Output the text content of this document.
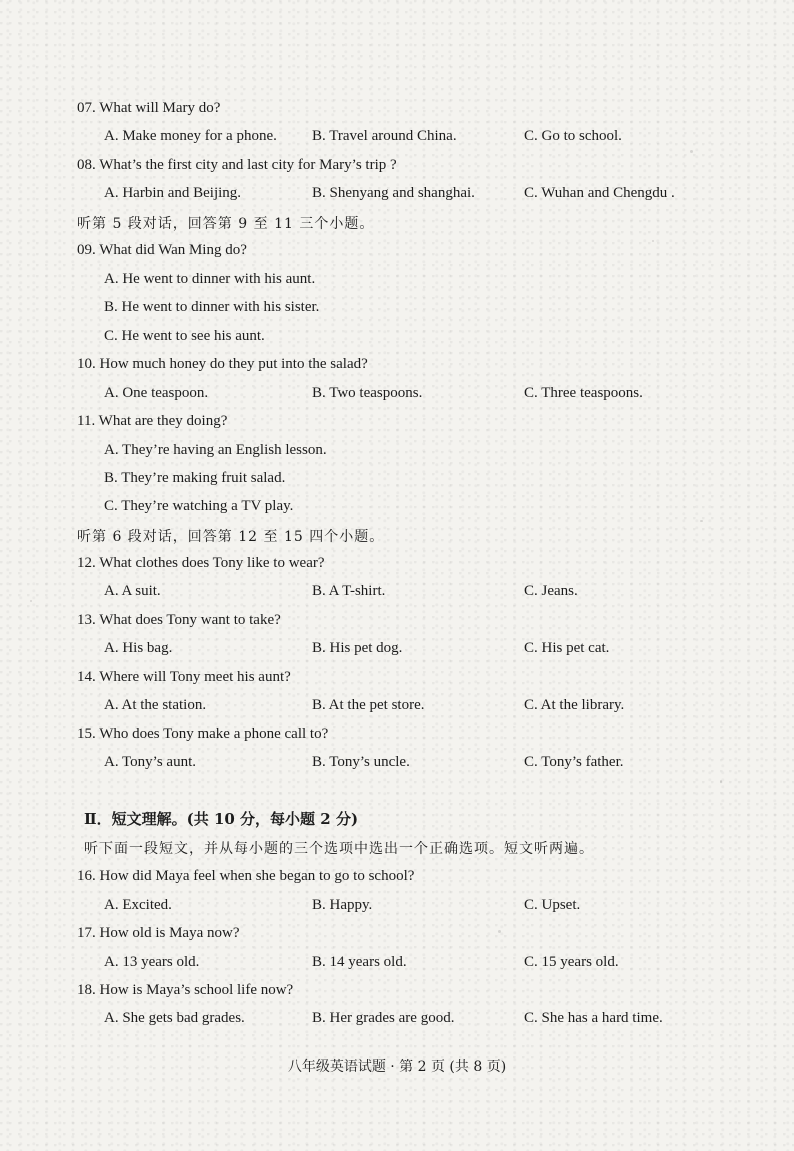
07. What will Mary do?
A. Make money for a phone. B. Travel around China.	C. Go to school.
08. What’s the first city and last city for Mary’s trip ?
A. Harbin and Beijing.	B. Shenyang and shanghai.	C. Wuhan and Chengdu .
听第 5 段对话，回答第 9 至 11 三个小题。
09. What did Wan Ming do?
A. He went to dinner with his aunt.
B. He went to dinner with his sister.
C. He went to see his aunt.
10. How much honey do they put into the salad?
A. One teaspoon.	B. Two teaspoons.	C. Three teaspoons.
11. What are they doing?
A. They’re having an English lesson.
B. They’re making fruit salad.
C. They’re watching a TV play.
听第 6 段对话，回答第 12 至 15 四个小题。
12. What clothes does Tony like to wear?
A. A suit.	B. A T-shirt.	C. Jeans.
13. What does Tony want to take?
A. His bag.	B. His pet dog.	C. His pet cat.
14. Where will Tony meet his aunt?
A. At the station.	B. At the pet store.	C. At the library.
15. Who does Tony make a phone call to?
A. Tony’s aunt.	B. Tony’s uncle.	C. Tony’s father.
Ⅱ．短文理解。(共 10 分，每小题 2 分)
听下面一段短文，并从每小题的三个选项中选出一个正确选项。短文听两遍。
16. How did Maya feel when she began to go to school?
A. Excited.	B. Happy.	C. Upset.
17. How old is Maya now?
A. 13 years old.	B. 14 years old.	C. 15 years old.
18. How is Maya’s school life now?
A. She gets bad grades.	B. Her grades are good.	C. She has a hard time.
八年级英语试题 · 第 2 页 (共 8 页)
